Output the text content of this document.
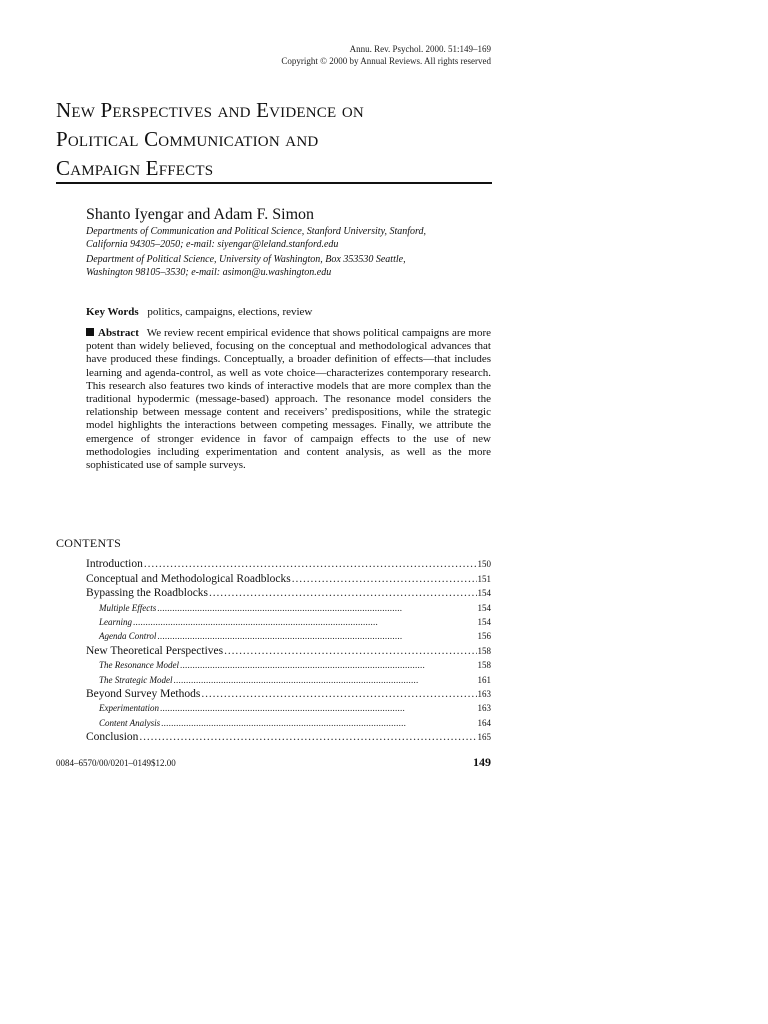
Annu. Rev. Psychol. 2000. 51:149–169
Copyright © 2000 by Annual Reviews. All rights reserved
New Perspectives and Evidence on
Political Communication and
Campaign Effects
Shanto Iyengar and Adam F. Simon
Departments of Communication and Political Science, Stanford University, Stanford,
California 94305–2050; e-mail: siyengar@leland.stanford.edu
Department of Political Science, University of Washington, Box 353530 Seattle,
Washington 98105–3530; e-mail: asimon@u.washington.edu
Key Words politics, campaigns, elections, review
Abstract We review recent empirical evidence that shows political campaigns are more potent than widely believed, focusing on the conceptual and methodological advances that have produced these findings. Conceptually, a broader definition of effects—that includes learning and agenda-control, as well as vote choice—characterizes contemporary research. This research also features two kinds of interactive models that are more complex than the traditional hypodermic (message-based) approach. The resonance model considers the relationship between message content and receivers’ predispositions, while the strategic model highlights the interactions between competing messages. Finally, we attribute the emergence of stronger evidence in favor of campaign effects to the use of new methodologies including experimentation and content analysis, as well as the more sophisticated use of sample surveys.
CONTENTS
Introduction . . .	150
Conceptual and Methodological Roadblocks . . .	151
Bypassing the Roadblocks . . .	154
Multiple Effects . . .	154
Learning . . .	154
Agenda Control . . .	156
New Theoretical Perspectives . . .	158
The Resonance Model . . .	158
The Strategic Model . . .	161
Beyond Survey Methods . . .	163
Experimentation . . .	163
Content Analysis . . .	164
Conclusion . . .	165
0084–6570/00/0201–0149$12.00	149
